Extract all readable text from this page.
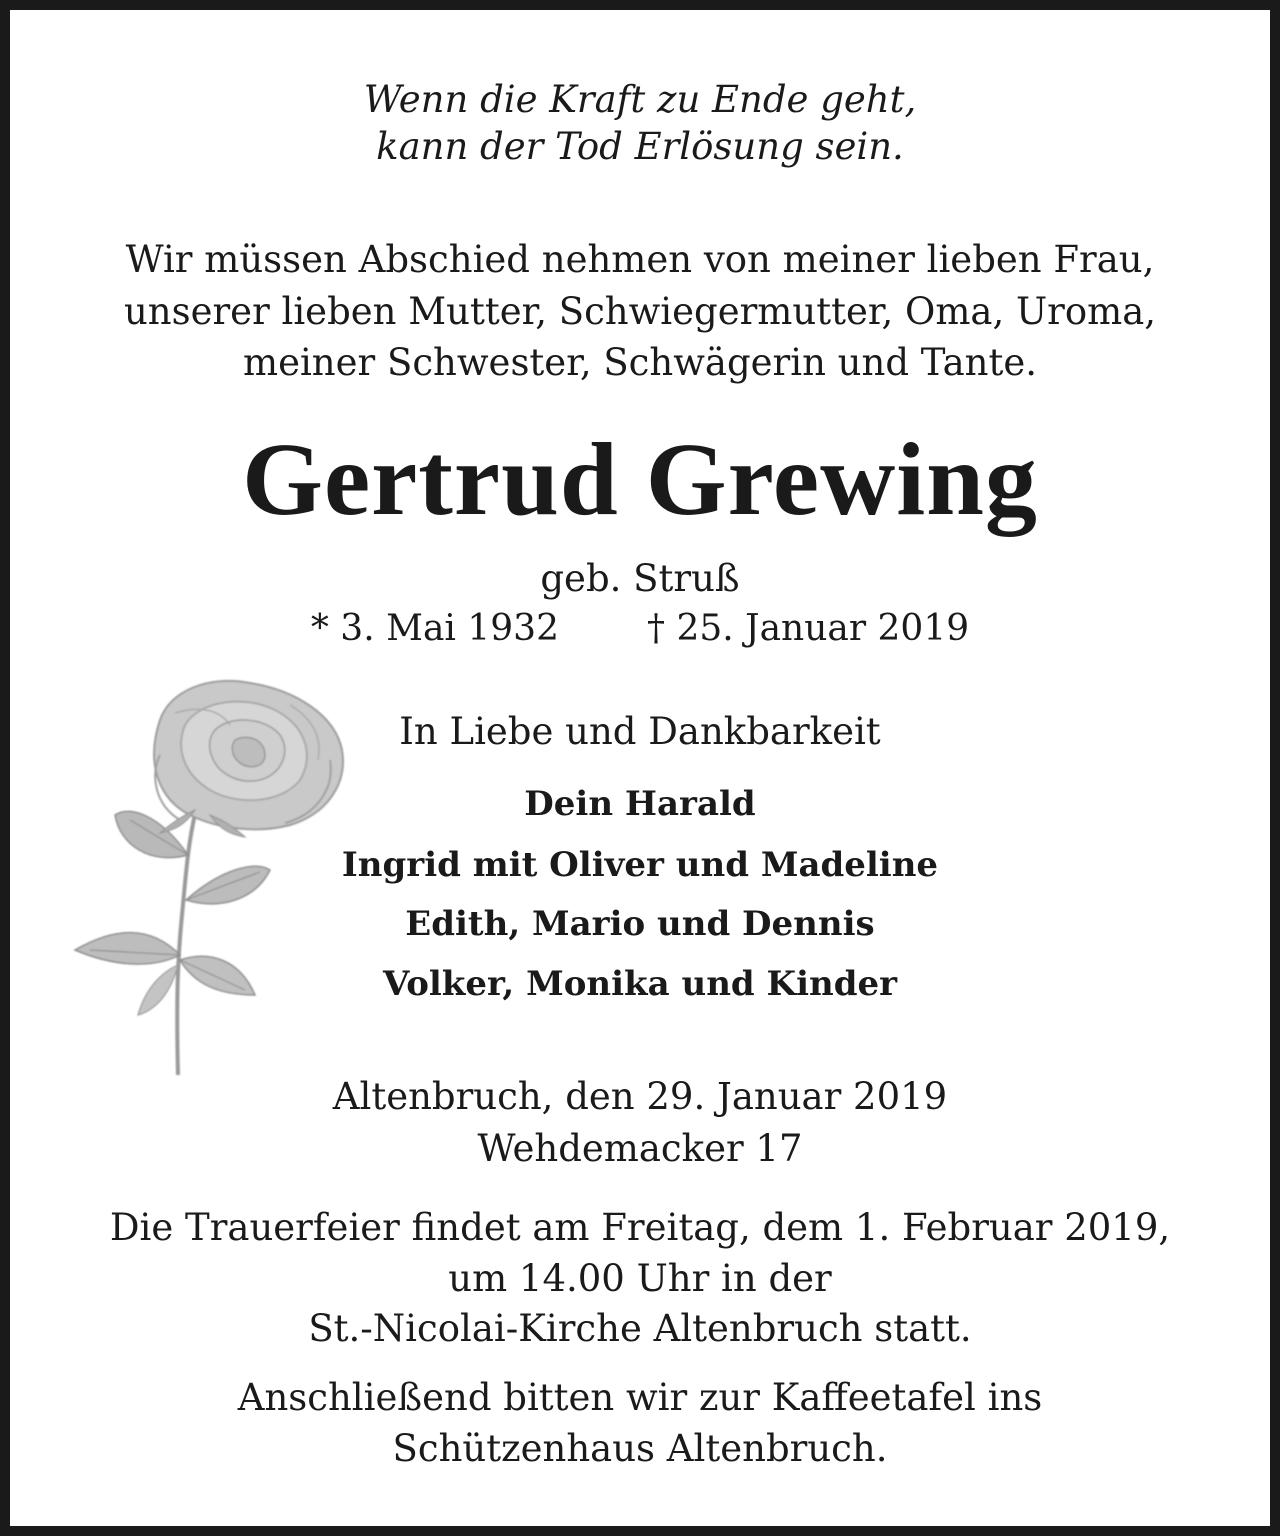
Wenn die Kraft zu Ende geht,
kann der Tod Erlösung sein.
Wir müssen Abschied nehmen von meiner lieben Frau,
unserer lieben Mutter, Schwiegermutter, Oma, Uroma,
meiner Schwester, Schwägerin und Tante.
Gertrud Grewing
geb. Struß
* 3. Mai 1932 † 25. Januar 2019
In Liebe und Dankbarkeit
Dein Harald
Ingrid mit Oliver und Madeline
Edith, Mario und Dennis
Volker, Monika und Kinder
Altenbruch, den 29. Januar 2019
Wehdemacker 17
Die Trauerfeier findet am Freitag, dem 1. Februar 2019,
um 14.00 Uhr in der
St.-Nicolai-Kirche Altenbruch statt.
Anschließend bitten wir zur Kaffeetafel ins
Schützenhaus Altenbruch.
